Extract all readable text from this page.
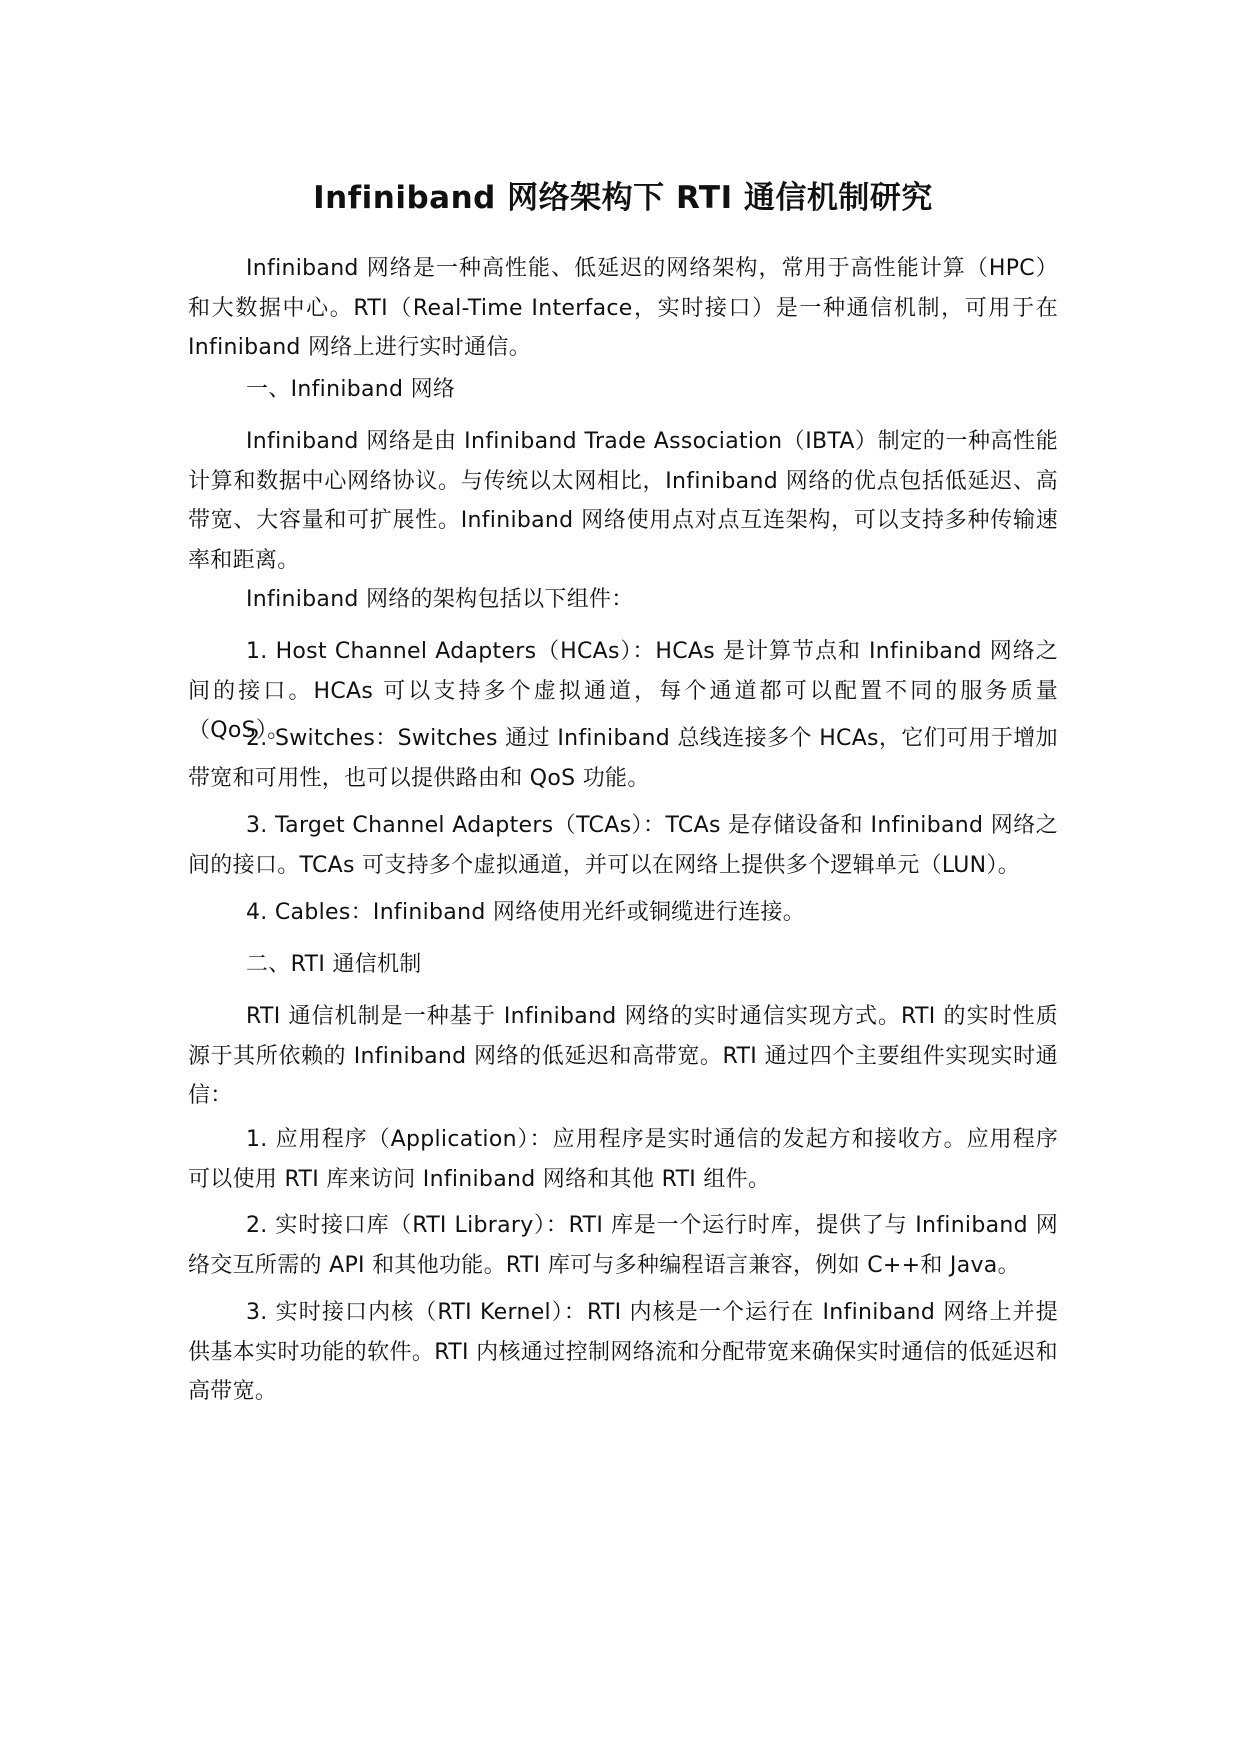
Infiniband 网络架构下 RTI 通信机制研究

Infiniband 网络是一种高性能、低延迟的网络架构，常用于高性能计算（HPC）和大数据中心。RTI（Real-Time Interface，实时接口）是一种通信机制，可用于在 Infiniband 网络上进行实时通信。

一、Infiniband 网络

Infiniband 网络是由 Infiniband Trade Association（IBTA）制定的一种高性能计算和数据中心网络协议。与传统以太网相比，Infiniband 网络的优点包括低延迟、高带宽、大容量和可扩展性。Infiniband 网络使用点对点互连架构，可以支持多种传输速率和距离。

Infiniband 网络的架构包括以下组件：

1. Host Channel Adapters（HCAs）：HCAs 是计算节点和 Infiniband 网络之间的接口。HCAs 可以支持多个虚拟通道，每个通道都可以配置不同的服务质量（QoS）。

2. Switches：Switches 通过 Infiniband 总线连接多个 HCAs，它们可用于增加带宽和可用性，也可以提供路由和 QoS 功能。

3. Target Channel Adapters（TCAs）：TCAs 是存储设备和 Infiniband 网络之间的接口。TCAs 可支持多个虚拟通道，并可以在网络上提供多个逻辑单元（LUN）。

4. Cables：Infiniband 网络使用光纤或铜缆进行连接。

二、RTI 通信机制

RTI 通信机制是一种基于 Infiniband 网络的实时通信实现方式。RTI 的实时性质源于其所依赖的 Infiniband 网络的低延迟和高带宽。RTI 通过四个主要组件实现实时通信：

1. 应用程序（Application）：应用程序是实时通信的发起方和接收方。应用程序可以使用 RTI 库来访问 Infiniband 网络和其他 RTI 组件。

2. 实时接口库（RTI Library）：RTI 库是一个运行时库，提供了与 Infiniband 网络交互所需的 API 和其他功能。RTI 库可与多种编程语言兼容，例如 C++和 Java。

3. 实时接口内核（RTI Kernel）：RTI 内核是一个运行在 Infiniband 网络上并提供基本实时功能的软件。RTI 内核通过控制网络流和分配带宽来确保实时通信的低延迟和高带宽。
